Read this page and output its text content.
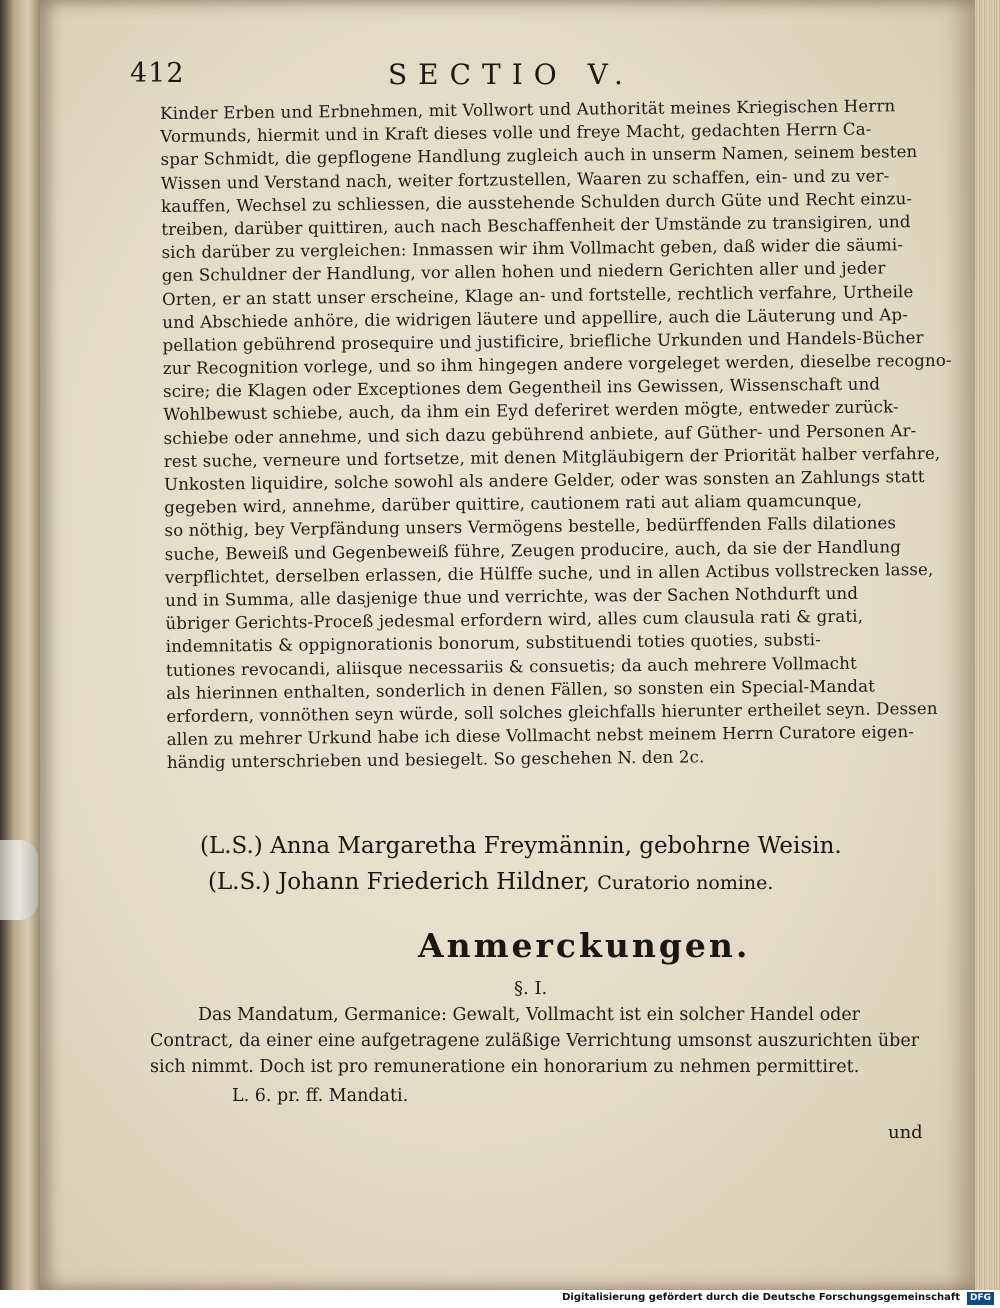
412	SECTIO V.
Kinder Erben und Erbnehmen, mit Vollwort und Authorität meines Kriegischen Herrn
Vormunds, hiermit und in Kraft dieses volle und freye Macht, gedachten Herrn Ca-
spar Schmidt, die gepflogene Handlung zugleich auch in unserm Namen, seinem besten
Wissen und Verstand nach, weiter fortzustellen, Waaren zu schaffen, ein- und zu ver-
kauffen, Wechsel zu schliessen, die ausstehende Schulden durch Güte und Recht einzu-
treiben, darüber quittiren, auch nach Beschaffenheit der Umstände zu transigiren, und
sich darüber zu vergleichen: Inmassen wir ihm Vollmacht geben, daß wider die säumi-
gen Schuldner der Handlung, vor allen hohen und niedern Gerichten aller und jeder
Orten, er an statt unser erscheine, Klage an- und fortstelle, rechtlich verfahre, Urtheile
und Abschiede anhöre, die widrigen läutere und appellire, auch die Läuterung und Ap-
pellation gebührend prosequire und justificire, briefliche Urkunden und Handels-Bücher
zur Recognition vorlege, und so ihm hingegen andere vorgeleget werden, dieselbe recogno-
scire; die Klagen oder Exceptiones dem Gegentheil ins Gewissen, Wissenschaft und
Wohlbewust schiebe, auch, da ihm ein Eyd deferiret werden mögte, entweder zurück-
schiebe oder annehme, und sich dazu gebührend anbiete, auf Güther- und Personen Ar-
rest suche, verneure und fortsetze, mit denen Mitgläubigern der Priorität halber verfahre,
Unkosten liquidire, solche sowohl als andere Gelder, oder was sonsten an Zahlungs statt
gegeben wird, annehme, darüber quittire, cautionem rati aut aliam quamcunque,
so nöthig, bey Verpfändung unsers Vermögens bestelle, bedürffenden Falls dilationes
suche, Beweiß und Gegenbeweiß führe, Zeugen producire, auch, da sie der Handlung
verpflichtet, derselben erlassen, die Hülffe suche, und in allen Actibus vollstrecken lasse,
und in Summa, alle dasjenige thue und verrichte, was der Sachen Nothdurft und
übriger Gerichts-Proceß jedesmal erfordern wird, alles cum clausula rati & grati,
indemnitatis & oppignorationis bonorum, substituendi toties quoties, substi-
tutiones revocandi, aliisque necessariis & consuetis; da auch mehrere Vollmacht
als hierinnen enthalten, sonderlich in denen Fällen, so sonsten ein Special-Mandat
erfordern, vonnöthen seyn würde, soll solches gleichfalls hierunter ertheilet seyn. Dessen
allen zu mehrer Urkund habe ich diese Vollmacht nebst meinem Herrn Curatore eigen-
händig unterschrieben und besiegelt. So geschehen N. den 2c.
(L.S.) Anna Margaretha Freymännin, gebohrne Weisin.
(L.S.) Johann Friederich Hildner, Curatorio nomine.
Anmerckungen.
§. I.
Das Mandatum, Germanice: Gewalt, Vollmacht ist ein solcher Handel oder
Contract, da einer eine aufgetragene zuläßige Verrichtung umsonst auszurichten über
sich nimmt. Doch ist pro remuneratione ein honorarium zu nehmen permittiret.
L. 6. pr. ff. Mandati.
und
Digitalisierung gefördert durch die Deutsche Forschungsgemeinschaft	DFG
